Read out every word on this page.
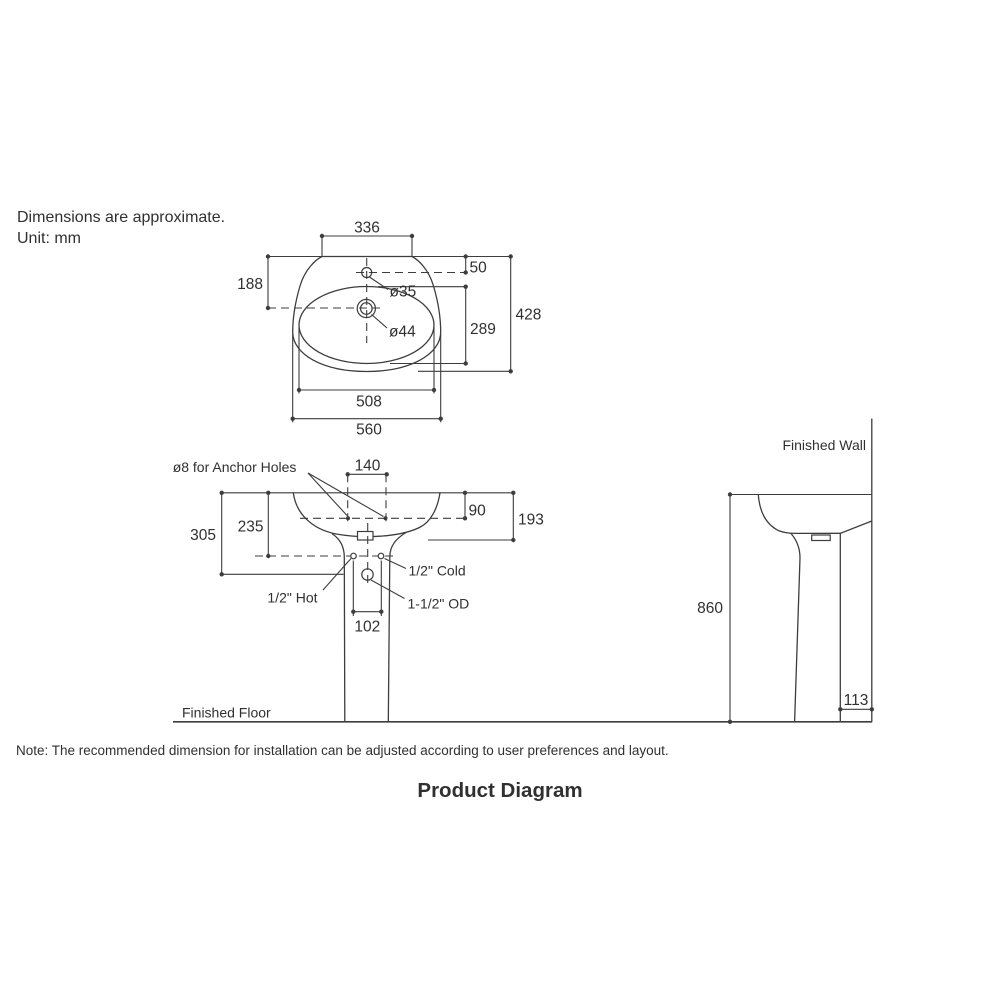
Dimensions are approximate.
Unit: mm
336
188
50
289
428
508
560
ø35
ø44
ø8 for Anchor Holes	140
305 235
90
193
1/2" Cold
1/2" Hot	1-1/2" OD
102
Finished Wall
860
113
Finished Floor
Note: The recommended dimension for installation can be adjusted according to user preferences and layout.
Product Diagram
